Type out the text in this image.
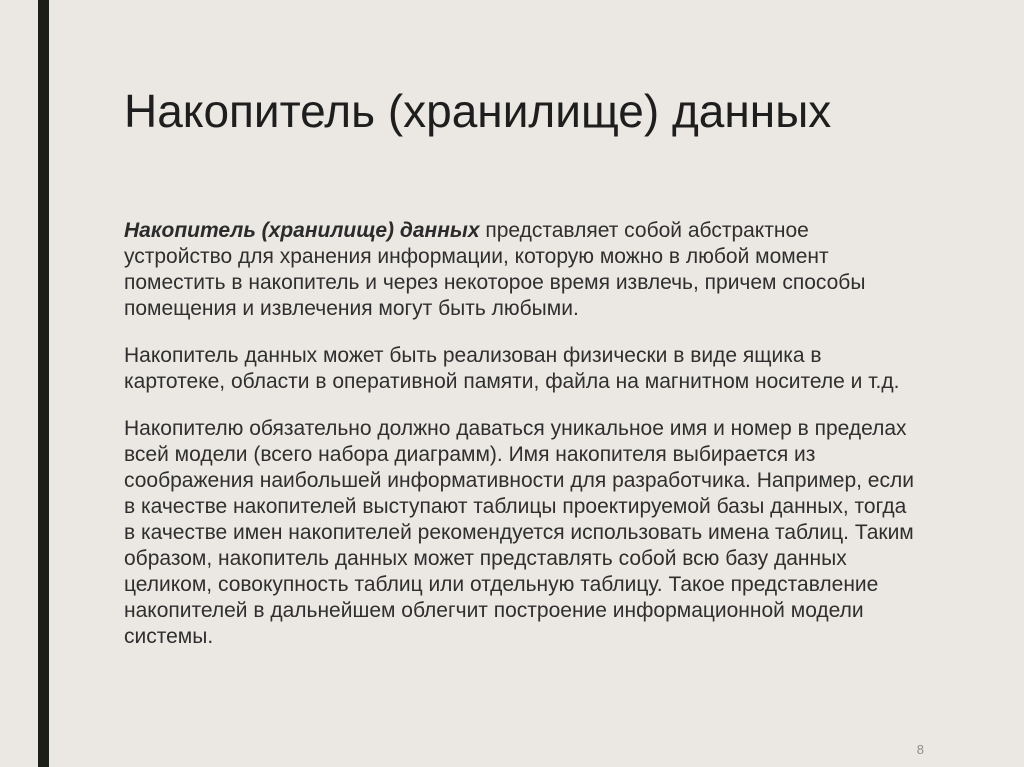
Накопитель (хранилище) данных

Накопитель (хранилище) данных представляет собой абстрактное устройство для хранения информации, которую можно в любой момент поместить в накопитель и через некоторое время извлечь, причем способы помещения и извлечения могут быть любыми.

Накопитель данных может быть реализован физически в виде ящика в картотеке, области в оперативной памяти, файла на магнитном носителе и т.д.

Накопителю обязательно должно даваться уникальное имя и номер в пределах всей модели (всего набора диаграмм). Имя накопителя выбирается из соображения наибольшей информативности для разработчика. Например, если в качестве накопителей выступают таблицы проектируемой базы данных, тогда в качестве имен накопителей рекомендуется использовать имена таблиц. Таким образом, накопитель данных может представлять собой всю базу данных целиком, совокупность таблиц или отдельную таблицу. Такое представление накопителей в дальнейшем облегчит построение информационной модели системы.

8
